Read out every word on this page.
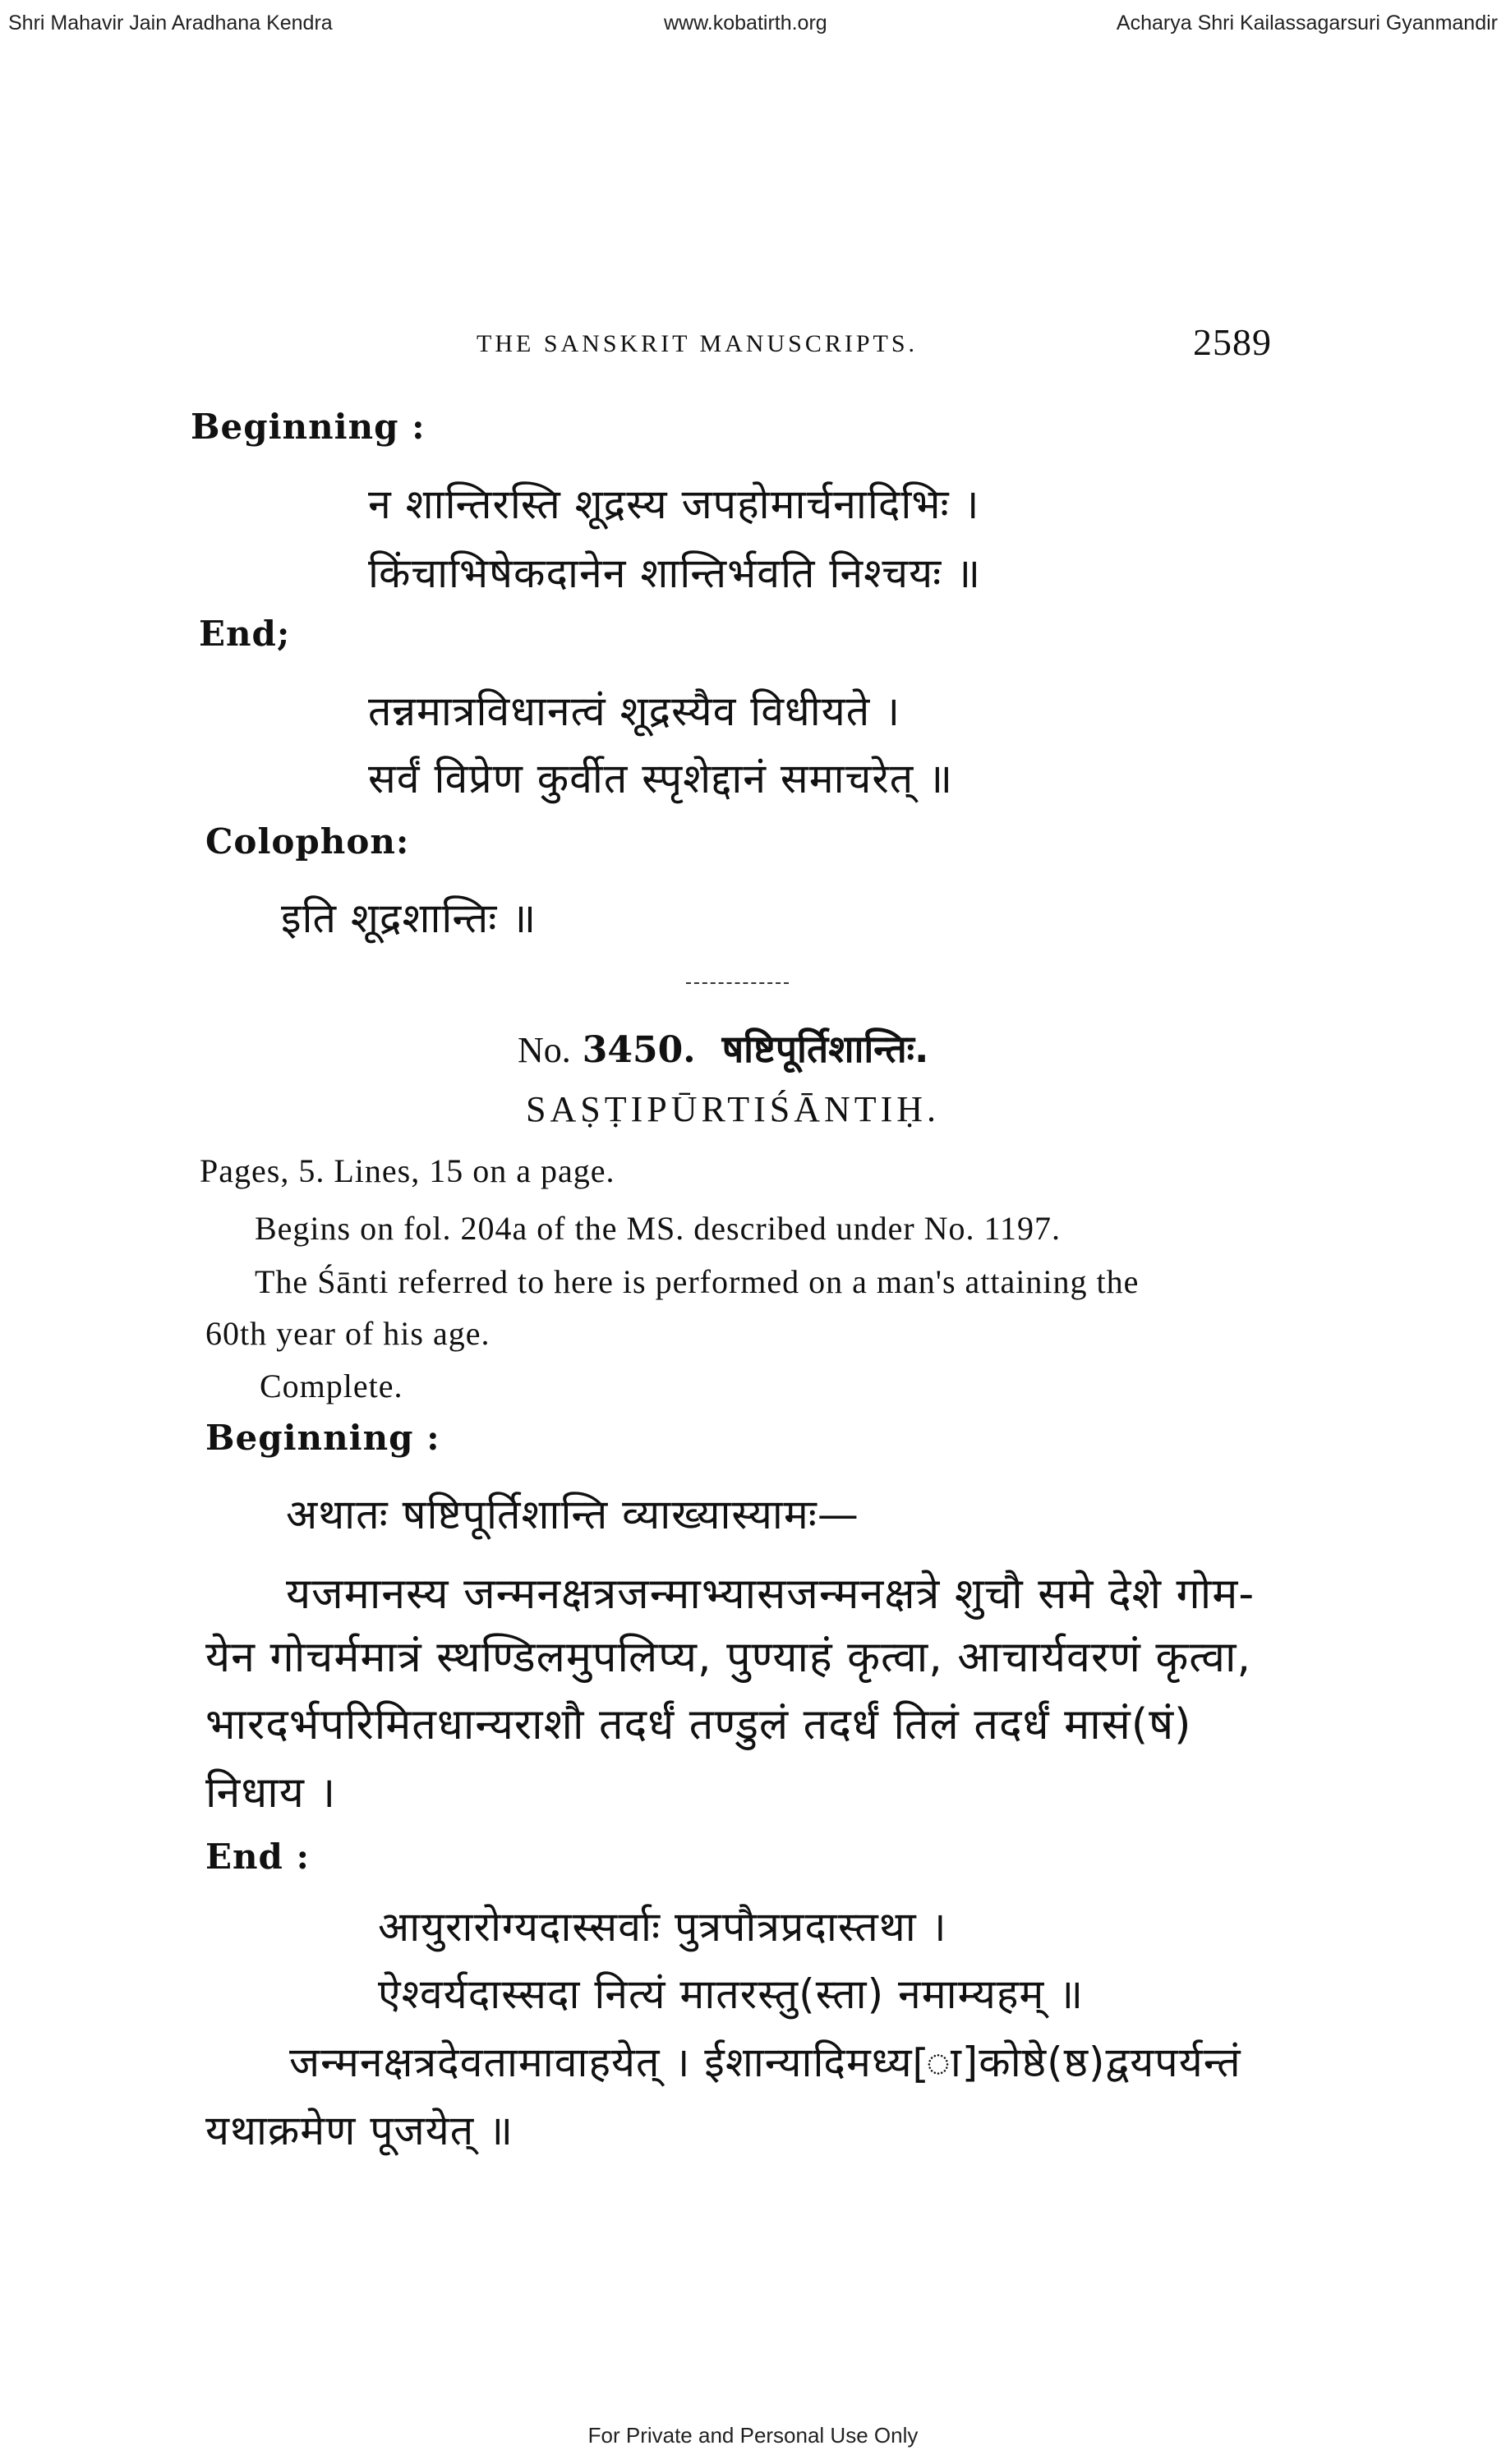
Shri Mahavir Jain Aradhana Kendra	www.kobatirth.org	Acharya Shri Kailassagarsuri Gyanmandir
THE SANSKRIT MANUSCRIPTS.	2589
Beginning :
न शान्तिरस्ति शूद्रस्य जपहोमार्चनादिभिः ।
किंचाभिषेकदानेन शान्तिर्भवति निश्चयः ॥
End;
तन्नमात्रविधानत्वं शूद्रस्यैव विधीयते ।
सर्वं विप्रेण कुर्वीत स्पृशेद्दानं समाचरेत् ॥
Colophon:
इति शूद्रशान्तिः ॥
No. 3450. षष्टिपूर्तिशान्तिः.
SAṢṬIPŪRTIŚĀNTIḤ.
Pages, 5. Lines, 15 on a page.
Begins on fol. 204a of the MS. described under No. 1197.
The Śānti referred to here is performed on a man's attaining the
60th year of his age.
Complete.
Beginning :
अथातः षष्टिपूर्तिशान्ति व्याख्यास्यामः—
यजमानस्य जन्मनक्षत्रजन्माभ्यासजन्मनक्षत्रे शुचौ समे देशे गोम-
येन गोचर्ममात्रं स्थण्डिलमुपलिप्य, पुण्याहं कृत्वा, आचार्यवरणं कृत्वा,
भारदर्भपरिमितधान्यराशौ तदर्धं तण्डुलं तदर्धं तिलं तदर्धं मासं(षं)
निधाय ।
End :
आयुरारोग्यदास्सर्वाः पुत्रपौत्रप्रदास्तथा ।
ऐश्वर्यदास्सदा नित्यं मातरस्तु(स्ता) नमाम्यहम् ॥
जन्मनक्षत्रदेवतामावाहयेत् । ईशान्यादिमध्य[ा]कोष्ठे(ष्ठ)द्वयपर्यन्तं
यथाक्रमेण पूजयेत् ॥
For Private and Personal Use Only
